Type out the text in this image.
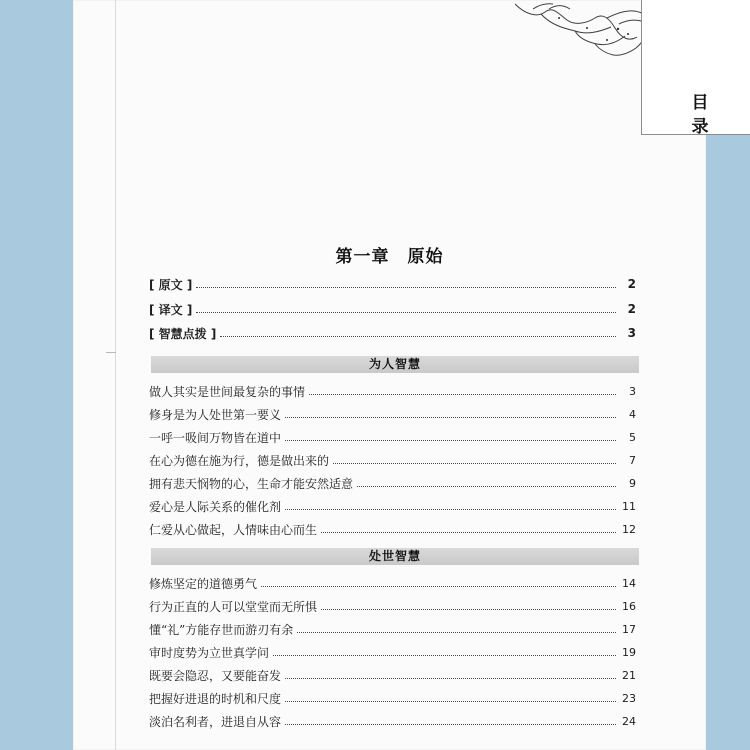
目
录
第一章　原始
[ 原文 ]	2
[ 译文 ]	2
[ 智慧点拨 ]	3
为人智慧
做人其实是世间最复杂的事情	3
修身是为人处世第一要义	4
一呼一吸间万物皆在道中	5
在心为德在施为行，德是做出来的	7
拥有悲天悯物的心，生命才能安然适意	9
爱心是人际关系的催化剂	11
仁爱从心做起，人情味由心而生	12
处世智慧
修炼坚定的道德勇气	14
行为正直的人可以堂堂而无所惧	16
懂“礼”方能存世而游刃有余	17
审时度势为立世真学问	19
既要会隐忍，又要能奋发	21
把握好进退的时机和尺度	23
淡泊名利者，进退自从容	24
